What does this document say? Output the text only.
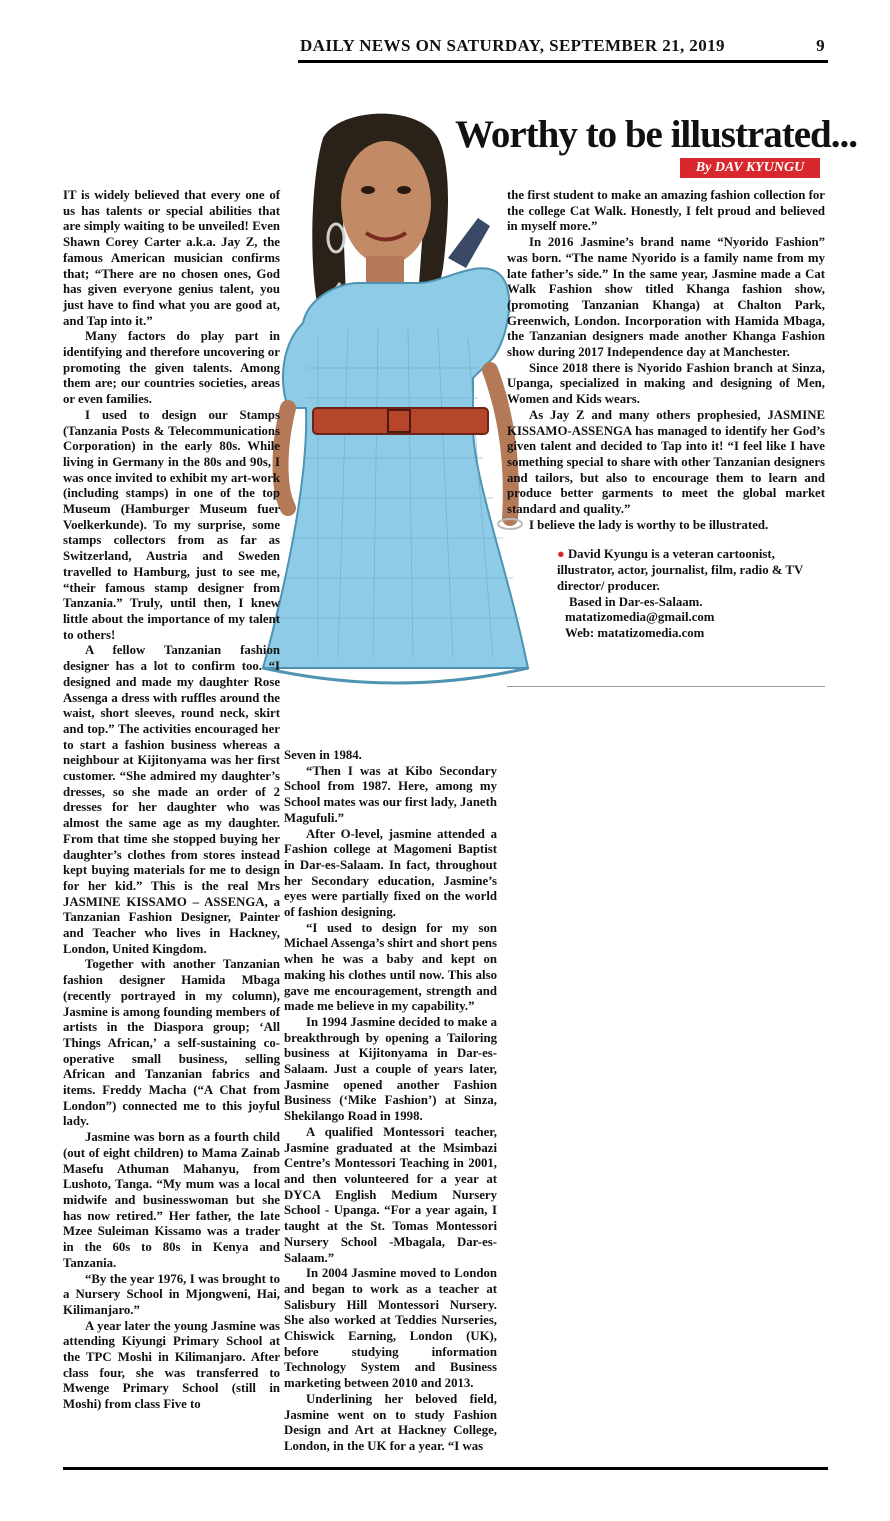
DAILY NEWS ON SATURDAY, SEPTEMBER 21, 2019	9
Worthy to be illustrated...
By DAV KYUNGU

IT is widely believed that every one of us has talents or special abilities that are simply waiting to be unveiled! Even Shawn Corey Carter a.k.a. Jay Z, the famous American musician confirms that; “There are no chosen ones, God has given everyone genius talent, you just have to find what you are good at, and Tap into it.”

Many factors do play part in identifying and therefore uncovering or promoting the given talents. Among them are; our countries societies, areas or even families.

I used to design our Stamps (Tanzania Posts & Telecommunications Corporation) in the early 80s. While living in Germany in the 80s and 90s, I was once invited to exhibit my art-work (including stamps) in one of the top Museum (Hamburger Museum fuer Voelkerkunde). To my surprise, some stamps collectors from as far as Switzerland, Austria and Sweden travelled to Hamburg, just to see me, “their famous stamp designer from Tanzania.” Truly, until then, I knew little about the importance of my talent to others!

A fellow Tanzanian fashion designer has a lot to confirm too. “I designed and made my daughter Rose Assenga a dress with ruffles around the waist, short sleeves, round neck, skirt and top.” The activities encouraged her to start a fashion business whereas a neighbour at Kijitonyama was her first customer. “She admired my daughter’s dresses, so she made an order of 2 dresses for her daughter who was almost the same age as my daughter. From that time she stopped buying her daughter’s clothes from stores instead kept buying materials for me to design for her kid.” This is the real Mrs JASMINE KISSAMO – ASSENGA, a Tanzanian Fashion Designer, Painter and Teacher who lives in Hackney, London, United Kingdom.

Together with another Tanzanian fashion designer Hamida Mbaga (recently portrayed in my column), Jasmine is among founding members of artists in the Diaspora group; ‘All Things African,’ a self-sustaining co-operative small business, selling African and Tanzanian fabrics and items. Freddy Macha (“A Chat from London”) connected me to this joyful lady.

Jasmine was born as a fourth child (out of eight children) to Mama Zainab Masefu Athuman Mahanyu, from Lushoto, Tanga. “My mum was a local midwife and businesswoman but she has now retired.” Her father, the late Mzee Suleiman Kissamo was a trader in the 60s to 80s in Kenya and Tanzania.

“By the year 1976, I was brought to a Nursery School in Mjongweni, Hai, Kilimanjaro.”

A year later the young Jasmine was attending Kiyungi Primary School at the TPC Moshi in Kilimanjaro. After class four, she was transferred to Mwenge Primary School (still in Moshi) from class Five to

Seven in 1984.

“Then I was at Kibo Secondary School from 1987. Here, among my School mates was our first lady, Janeth Magufuli.”

After O-level, jasmine attended a Fashion college at Magomeni Baptist in Dar-es-Salaam. In fact, throughout her Secondary education, Jasmine’s eyes were partially fixed on the world of fashion designing.

“I used to design for my son Michael Assenga’s shirt and short pens when he was a baby and kept on making his clothes until now. This also gave me encouragement, strength and made me believe in my capability.”

In 1994 Jasmine decided to make a breakthrough by opening a Tailoring business at Kijitonyama in Dar-es-Salaam. Just a couple of years later, Jasmine opened another Fashion Business (‘Mike Fashion’) at Sinza, Shekilango Road in 1998.

A qualified Montessori teacher, Jasmine graduated at the Msimbazi Centre’s Montessori Teaching in 2001, and then volunteered for a year at DYCA English Medium Nursery School - Upanga. “For a year again, I taught at the St. Tomas Montessori Nursery School -Mbagala, Dar-es-Salaam.”

In 2004 Jasmine moved to London and began to work as a teacher at Salisbury Hill Montessori Nursery. She also worked at Teddies Nurseries, Chiswick Earning, London (UK), before studying information Technology System and Business marketing between 2010 and 2013.

Underlining her beloved field, Jasmine went on to study Fashion Design and Art at Hackney College, London, in the UK for a year. “I was

the first student to make an amazing fashion collection for the college Cat Walk. Honestly, I felt proud and believed in myself more.”

In 2016 Jasmine’s brand name “Nyorido Fashion” was born. “The name Nyorido is a family name from my late father’s side.” In the same year, Jasmine made a Cat Walk Fashion show titled Khanga fashion show, (promoting Tanzanian Khanga) at Chalton Park, Greenwich, London. Incorporation with Hamida Mbaga, the Tanzanian designers made another Khanga Fashion show during 2017 Independence day at Manchester.

Since 2018 there is Nyorido Fashion branch at Sinza, Upanga, specialized in making and designing of Men, Women and Kids wears.

As Jay Z and many others prophesied, JASMINE KISSAMO-ASSENGA has managed to identify her God’s given talent and decided to Tap into it! “I feel like I have something special to share with other Tanzanian designers and tailors, but also to encourage them to learn and produce better garments to meet the global market standard and quality.”

I believe the lady is worthy to be illustrated.

● David Kyungu is a veteran cartoonist, illustrator, actor, journalist, film, radio & TV director/ producer.
Based in Dar-es-Salaam.
matatizomedia@gmail.com
Web: matatizomedia.com
